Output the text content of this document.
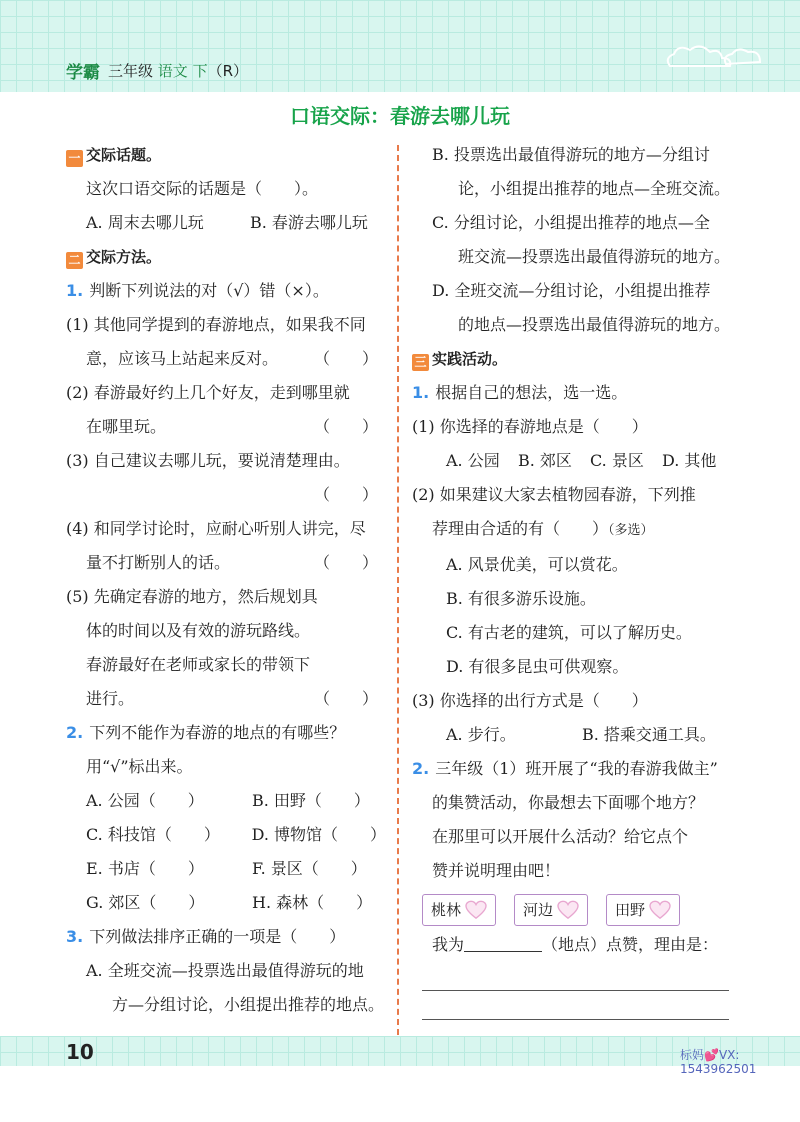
学霸 三年级 语文 下（R）
口语交际：春游去哪儿玩
一 交际话题。
这次口语交际的话题是（　　）。
A. 周末去哪儿玩	B. 春游去哪儿玩
二 交际方法。
1. 判断下列说法的对（√）错（×）。
(1) 其他同学提到的春游地点，如果我不同
意，应该马上站起来反对。 （　　）
(2) 春游最好约上几个好友，走到哪里就
在哪里玩。	（　　）
(3) 自己建议去哪儿玩，要说清楚理由。

（　　）
(4) 和同学讨论时，应耐心听别人讲完，尽
量不打断别人的话。	（　　）
(5) 先确定春游的地方，然后规划具
体的时间以及有效的游玩路线。
春游最好在老师或家长的带领下
进行。	（　　）
2. 下列不能作为春游的地点的有哪些？
用“√”标出来。
A. 公园（　　）	B. 田野（　　）
C. 科技馆（　　）	D. 博物馆（　　）
E. 书店（　　）	F. 景区（　　）
G. 郊区（　　）	H. 森林（　　）
3. 下列做法排序正确的一项是（　　）
A. 全班交流—投票选出最值得游玩的地
方—分组讨论，小组提出推荐的地点。
B. 投票选出最值得游玩的地方—分组讨
论，小组提出推荐的地点—全班交流。
C. 分组讨论，小组提出推荐的地点—全
班交流—投票选出最值得游玩的地方。
D. 全班交流—分组讨论，小组提出推荐
的地点—投票选出最值得游玩的地方。
三 实践活动。
1. 根据自己的想法，选一选。
(1) 你选择的春游地点是（　　）
A. 公园	B. 郊区	C. 景区	D. 其他
(2) 如果建议大家去植物园春游，下列推
荐理由合适的有（　　）（多选）
A. 风景优美，可以赏花。
B. 有很多游乐设施。
C. 有古老的建筑，可以了解历史。
D. 有很多昆虫可供观察。
(3) 你选择的出行方式是（　　）
A. 步行。	B. 搭乘交通工具。
2. 三年级（1）班开展了“我的春游我做主”
的集赞活动，你最想去下面哪个地方？
在那里可以开展什么活动？给它点个
赞并说明理由吧！
桃林	河边	田野
我为	（地点）点赞，理由是：
10	标妈💕VX:
1543962501
